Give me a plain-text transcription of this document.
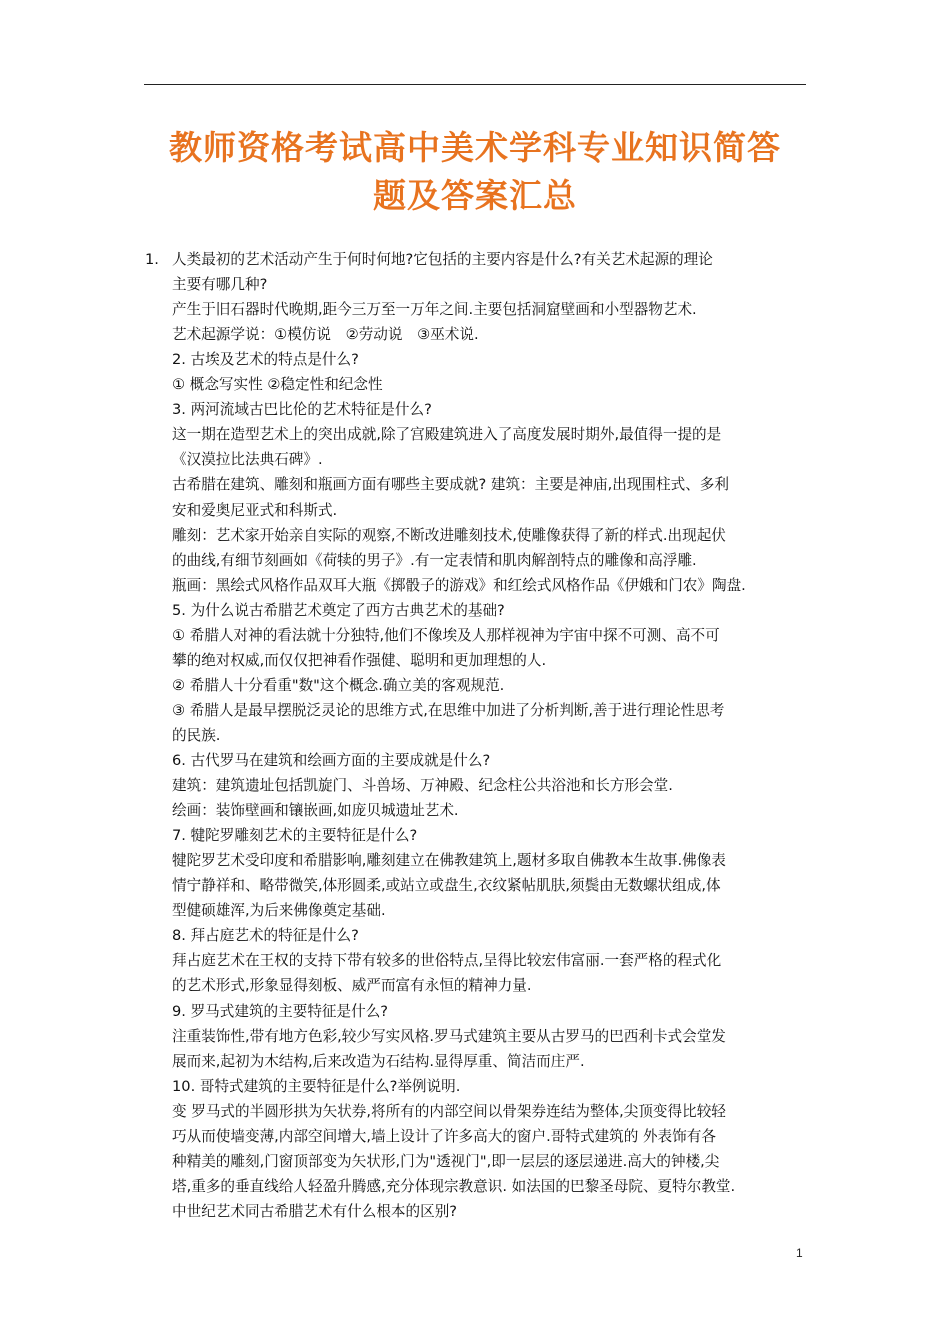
教师资格考试高中美术学科专业知识简答
题及答案汇总
1. 人类最初的艺术活动产生于何时何地?它包括的主要内容是什么?有关艺术起源的理论
主要有哪几种?
产生于旧石器时代晚期,距今三万至一万年之间.主要包括洞窟壁画和小型器物艺术.
艺术起源学说：①模仿说　②劳动说　③巫术说.
2. 古埃及艺术的特点是什么?
① 概念写实性 ②稳定性和纪念性
3. 两河流域古巴比伦的艺术特征是什么?
这一期在造型艺术上的突出成就,除了宫殿建筑进入了高度发展时期外,最值得一提的是
《汉漠拉比法典石碑》.
古希腊在建筑、雕刻和瓶画方面有哪些主要成就? 建筑：主要是神庙,出现围柱式、多利
安和爱奥尼亚式和科斯式.
雕刻：艺术家开始亲自实际的观察,不断改进雕刻技术,使雕像获得了新的样式.出现起伏
的曲线,有细节刻画如《荷犊的男子》.有一定表情和肌肉解剖特点的雕像和高浮雕.
瓶画：黑绘式风格作品双耳大瓶《掷骰子的游戏》和红绘式风格作品《伊娥和门农》陶盘.
5. 为什么说古希腊艺术奠定了西方古典艺术的基础?
① 希腊人对神的看法就十分独特,他们不像埃及人那样视神为宇宙中探不可测、高不可
攀的绝对权威,而仅仅把神看作强健、聪明和更加理想的人.
② 希腊人十分看重"数"这个概念.确立美的客观规范.
③ 希腊人是最早摆脱泛灵论的思维方式,在思维中加进了分析判断,善于进行理论性思考
的民族.
6. 古代罗马在建筑和绘画方面的主要成就是什么?
建筑：建筑遗址包括凯旋门、斗兽场、万神殿、纪念柱公共浴池和长方形会堂.
绘画：装饰壁画和镶嵌画,如庞贝城遗址艺术.
7. 犍陀罗雕刻艺术的主要特征是什么?
犍陀罗艺术受印度和希腊影响,雕刻建立在佛教建筑上,题材多取自佛教本生故事.佛像表
情宁静祥和、略带微笑,体形圆柔,或站立或盘生,衣纹紧帖肌肤,须鬓由无数螺状组成,体
型健硕雄浑,为后来佛像奠定基础.
8. 拜占庭艺术的特征是什么?
拜占庭艺术在王权的支持下带有较多的世俗特点,呈得比较宏伟富丽.一套严格的程式化
的艺术形式,形象显得刻板、威严而富有永恒的精神力量.
9. 罗马式建筑的主要特征是什么?
注重装饰性,带有地方色彩,较少写实风格.罗马式建筑主要从古罗马的巴西利卡式会堂发
展而来,起初为木结构,后来改造为石结构.显得厚重、简洁而庄严.
10. 哥特式建筑的主要特征是什么?举例说明.
变 罗马式的半圆形拱为矢状券,将所有的内部空间以骨架券连结为整体,尖顶变得比较轻
巧从而使墙变薄,内部空间增大,墙上设计了许多高大的窗户.哥特式建筑的 外表饰有各
种精美的雕刻,门窗顶部变为矢状形,门为"透视门",即一层层的逐层递进.高大的钟楼,尖
塔,重多的垂直线给人轻盈升腾感,充分体现宗教意识. 如法国的巴黎圣母院、夏特尔教堂.
中世纪艺术同古希腊艺术有什么根本的区别?
1
